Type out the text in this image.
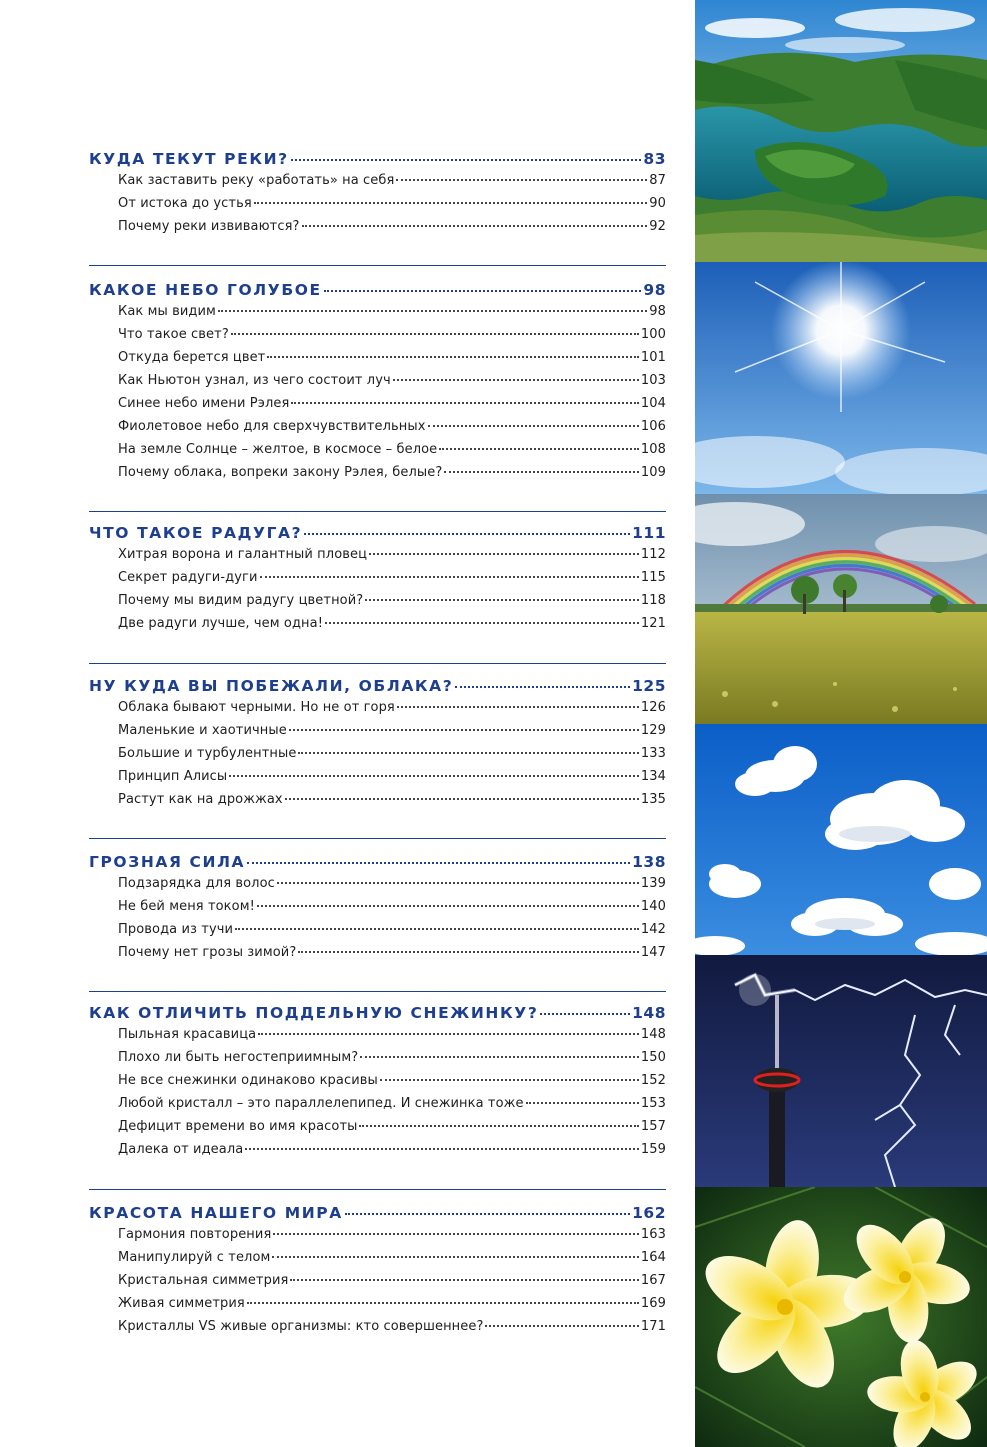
КУДА ТЕКУТ РЕКИ?	83
Как заставить реку «работать» на себя	87
От истока до устья	90
Почему реки извиваются?	92
КАКОЕ НЕБО ГОЛУБОЕ	98
Как мы видим	98
Что такое свет?	100
Откуда берется цвет	101
Как Ньютон узнал, из чего состоит луч	103
Синее небо имени Рэлея	104
Фиолетовое небо для сверхчувствительных	106
На земле Солнце – желтое, в космосе – белое	108
Почему облака, вопреки закону Рэлея, белые?	109
ЧТО ТАКОЕ РАДУГА?	111
Хитрая ворона и галантный пловец	112
Секрет радуги-дуги	115
Почему мы видим радугу цветной?	118
Две радуги лучше, чем одна!	121
НУ КУДА ВЫ ПОБЕЖАЛИ, ОБЛАКА?	125
Облака бывают черными. Но не от горя	126
Маленькие и хаотичные	129
Большие и турбулентные	133
Принцип Алисы	134
Растут как на дрожжах	135
ГРОЗНАЯ СИЛА	138
Подзарядка для волос	139
Не бей меня током!	140
Провода из тучи	142
Почему нет грозы зимой?	147
КАК ОТЛИЧИТЬ ПОДДЕЛЬНУЮ СНЕЖИНКУ?	148
Пыльная красавица	148
Плохо ли быть негостеприимным?	150
Не все снежинки одинаково красивы	152
Любой кристалл – это параллелепипед. И снежинка тоже	153
Дефицит времени во имя красоты	157
Далека от идеала	159
КРАСОТА НАШЕГО МИРА	162
Гармония повторения	163
Манипулируй с телом	164
Кристальная симметрия	167
Живая симметрия	169
Кристаллы VS живые организмы: кто совершеннее?	171
